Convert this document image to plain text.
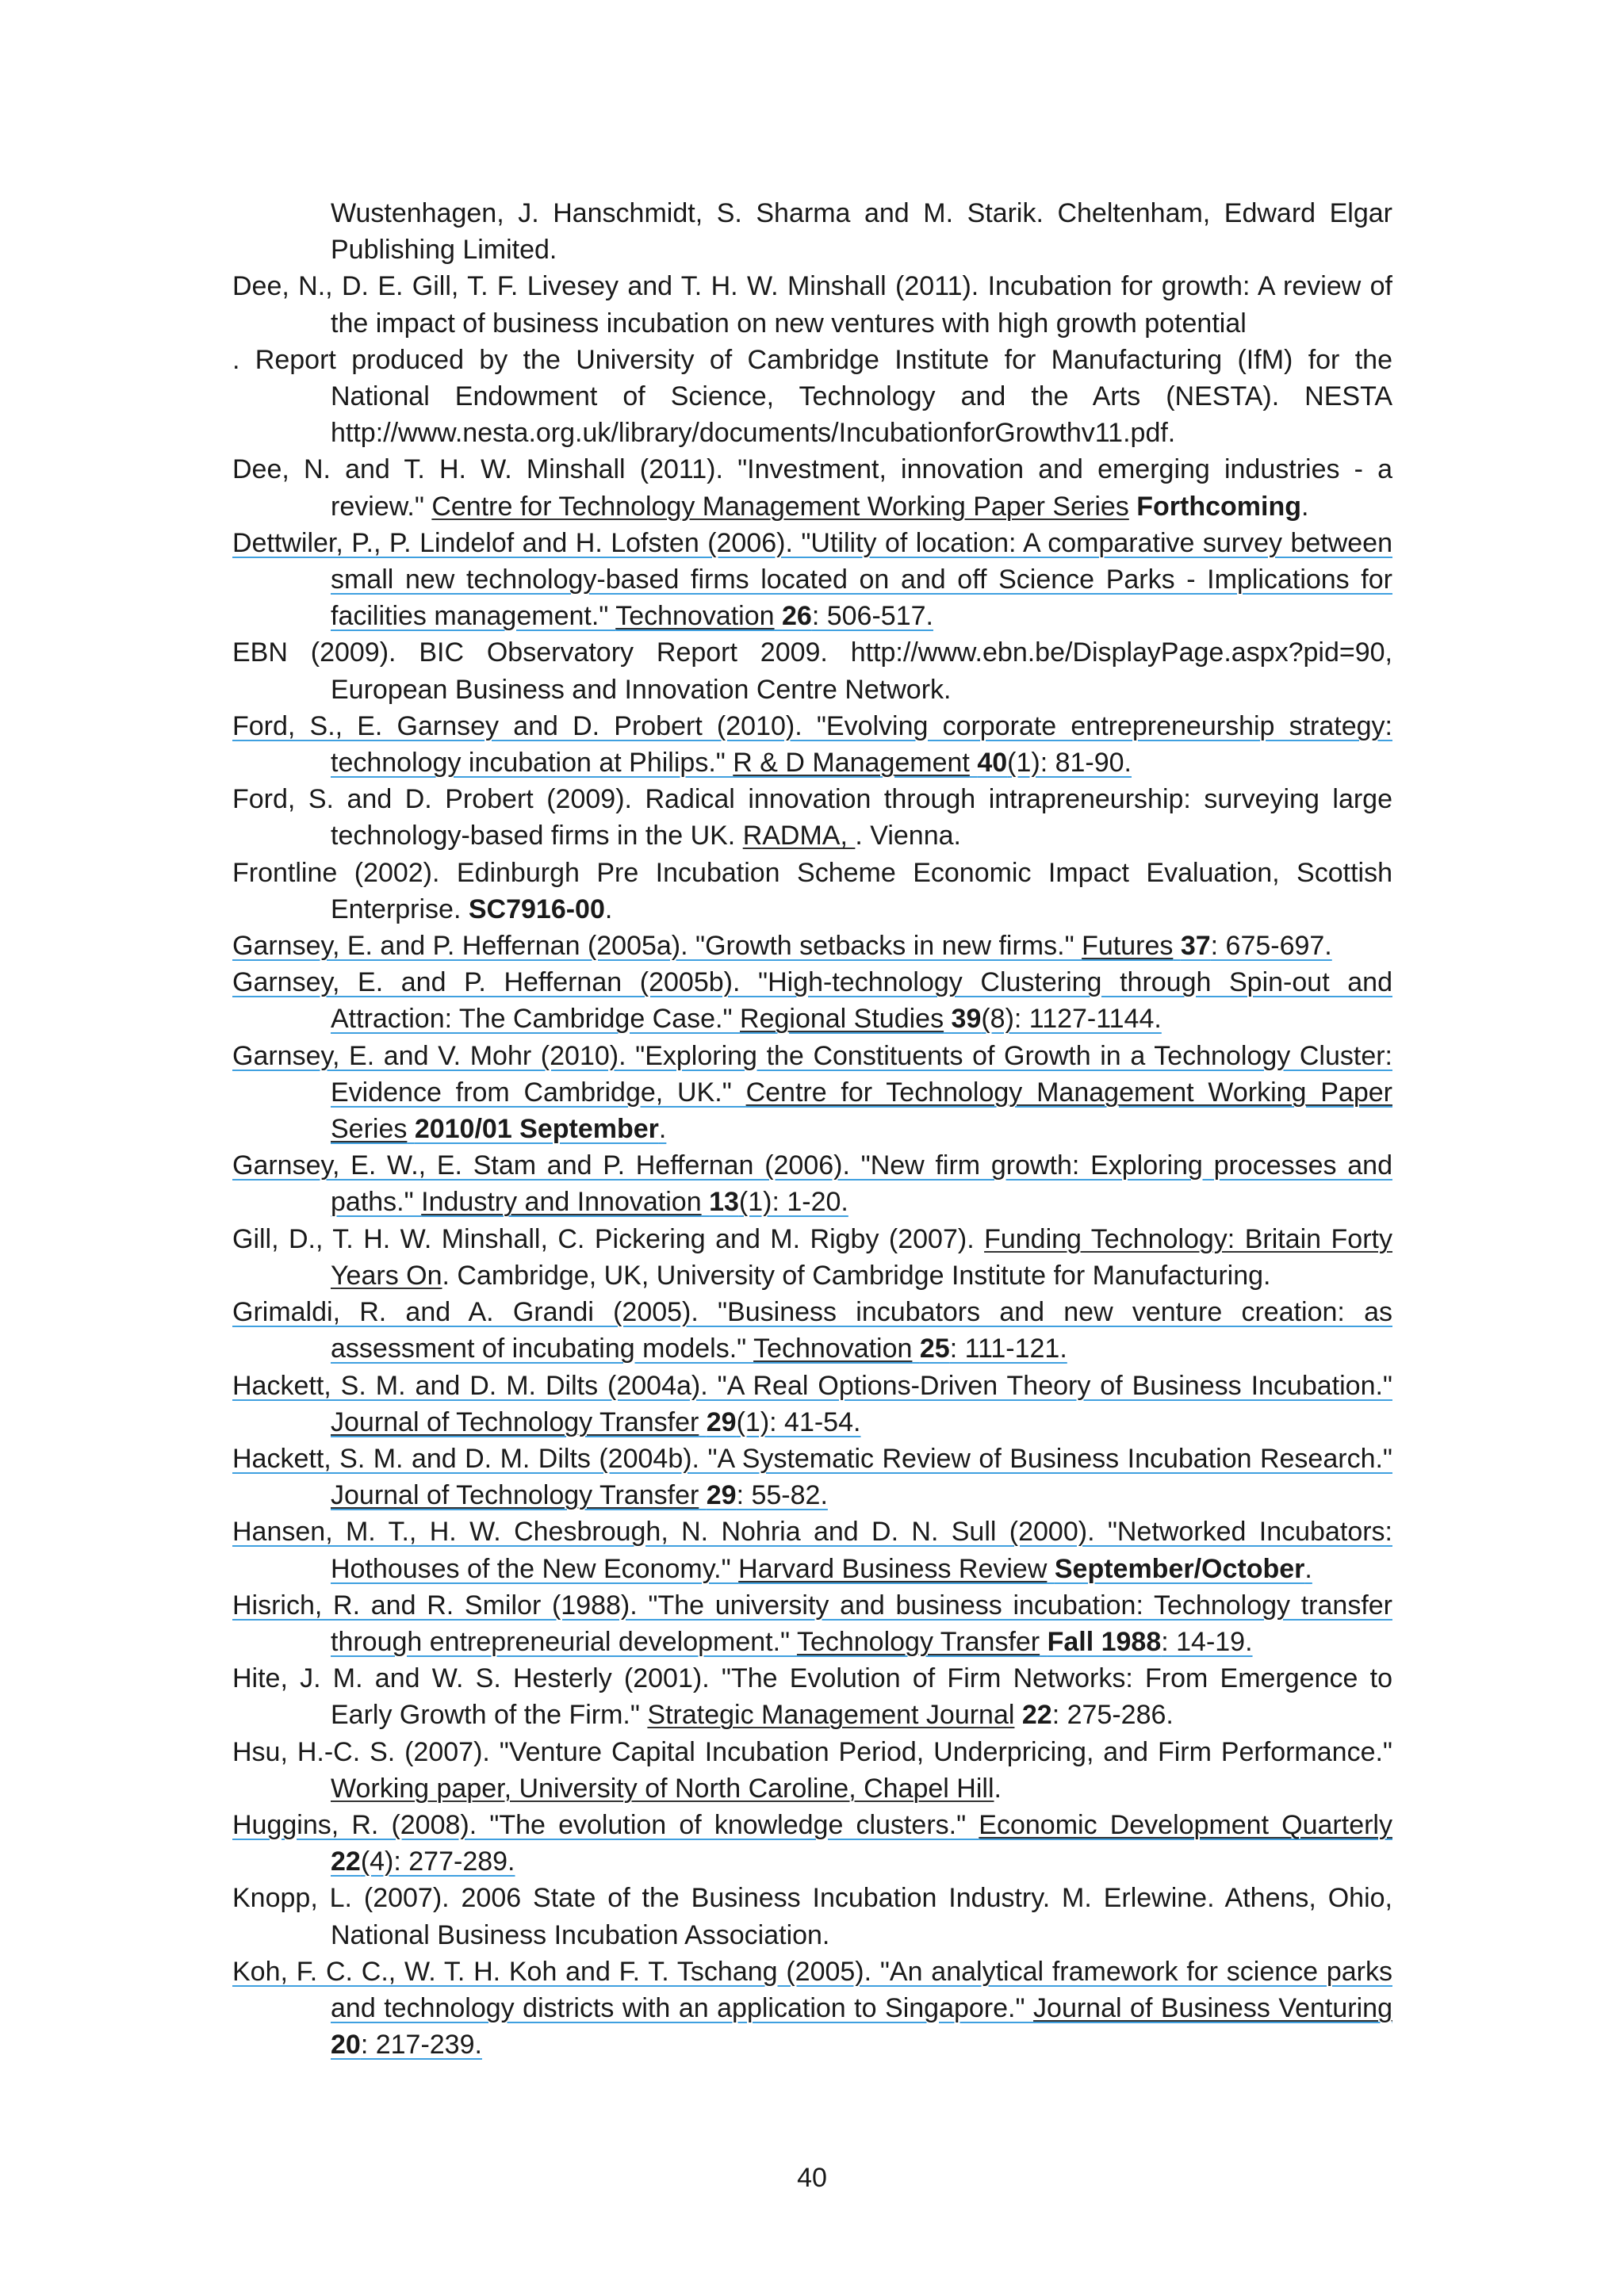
Wustenhagen, J. Hanschmidt, S. Sharma and M. Starik. Cheltenham, Edward Elgar Publishing Limited.

Dee, N., D. E. Gill, T. F. Livesey and T. H. W. Minshall (2011). Incubation for growth: A review of the impact of business incubation on new ventures with high growth potential

. Report produced by the University of Cambridge Institute for Manufacturing (IfM) for the National Endowment of Science, Technology and the Arts (NESTA). NESTA http://www.nesta.org.uk/library/documents/IncubationforGrowthv11.pdf.

Dee, N. and T. H. W. Minshall (2011). "Investment, innovation and emerging industries - a review." Centre for Technology Management Working Paper Series Forthcoming.

Dettwiler, P., P. Lindelof and H. Lofsten (2006). "Utility of location: A comparative survey between small new technology-based firms located on and off Science Parks - Implications for facilities management." Technovation 26: 506-517.

EBN (2009). BIC Observatory Report 2009. http://www.ebn.be/DisplayPage.aspx?pid=90, European Business and Innovation Centre Network.

Ford, S., E. Garnsey and D. Probert (2010). "Evolving corporate entrepreneurship strategy: technology incubation at Philips." R & D Management 40(1): 81-90.

Ford, S. and D. Probert (2009). Radical innovation through intrapreneurship: surveying large technology-based firms in the UK. RADMA, . Vienna.

Frontline (2002). Edinburgh Pre Incubation Scheme Economic Impact Evaluation, Scottish Enterprise. SC7916-00.

Garnsey, E. and P. Heffernan (2005a). "Growth setbacks in new firms." Futures 37: 675-697.

Garnsey, E. and P. Heffernan (2005b). "High-technology Clustering through Spin-out and Attraction: The Cambridge Case." Regional Studies 39(8): 1127-1144.

Garnsey, E. and V. Mohr (2010). "Exploring the Constituents of Growth in a Technology Cluster: Evidence from Cambridge, UK." Centre for Technology Management Working Paper Series 2010/01 September.

Garnsey, E. W., E. Stam and P. Heffernan (2006). "New firm growth: Exploring processes and paths." Industry and Innovation 13(1): 1-20.

Gill, D., T. H. W. Minshall, C. Pickering and M. Rigby (2007). Funding Technology: Britain Forty Years On. Cambridge, UK, University of Cambridge Institute for Manufacturing.

Grimaldi, R. and A. Grandi (2005). "Business incubators and new venture creation: as assessment of incubating models." Technovation 25: 111-121.

Hackett, S. M. and D. M. Dilts (2004a). "A Real Options-Driven Theory of Business Incubation." Journal of Technology Transfer 29(1): 41-54.

Hackett, S. M. and D. M. Dilts (2004b). "A Systematic Review of Business Incubation Research." Journal of Technology Transfer 29: 55-82.

Hansen, M. T., H. W. Chesbrough, N. Nohria and D. N. Sull (2000). "Networked Incubators: Hothouses of the New Economy." Harvard Business Review September/October.

Hisrich, R. and R. Smilor (1988). "The university and business incubation: Technology transfer through entrepreneurial development." Technology Transfer Fall 1988: 14-19.

Hite, J. M. and W. S. Hesterly (2001). "The Evolution of Firm Networks: From Emergence to Early Growth of the Firm." Strategic Management Journal 22: 275-286.

Hsu, H.-C. S. (2007). "Venture Capital Incubation Period, Underpricing, and Firm Performance." Working paper, University of North Caroline, Chapel Hill.

Huggins, R. (2008). "The evolution of knowledge clusters." Economic Development Quarterly 22(4): 277-289.

Knopp, L. (2007). 2006 State of the Business Incubation Industry. M. Erlewine. Athens, Ohio, National Business Incubation Association.

Koh, F. C. C., W. T. H. Koh and F. T. Tschang (2005). "An analytical framework for science parks and technology districts with an application to Singapore." Journal of Business Venturing 20: 217-239.

40
